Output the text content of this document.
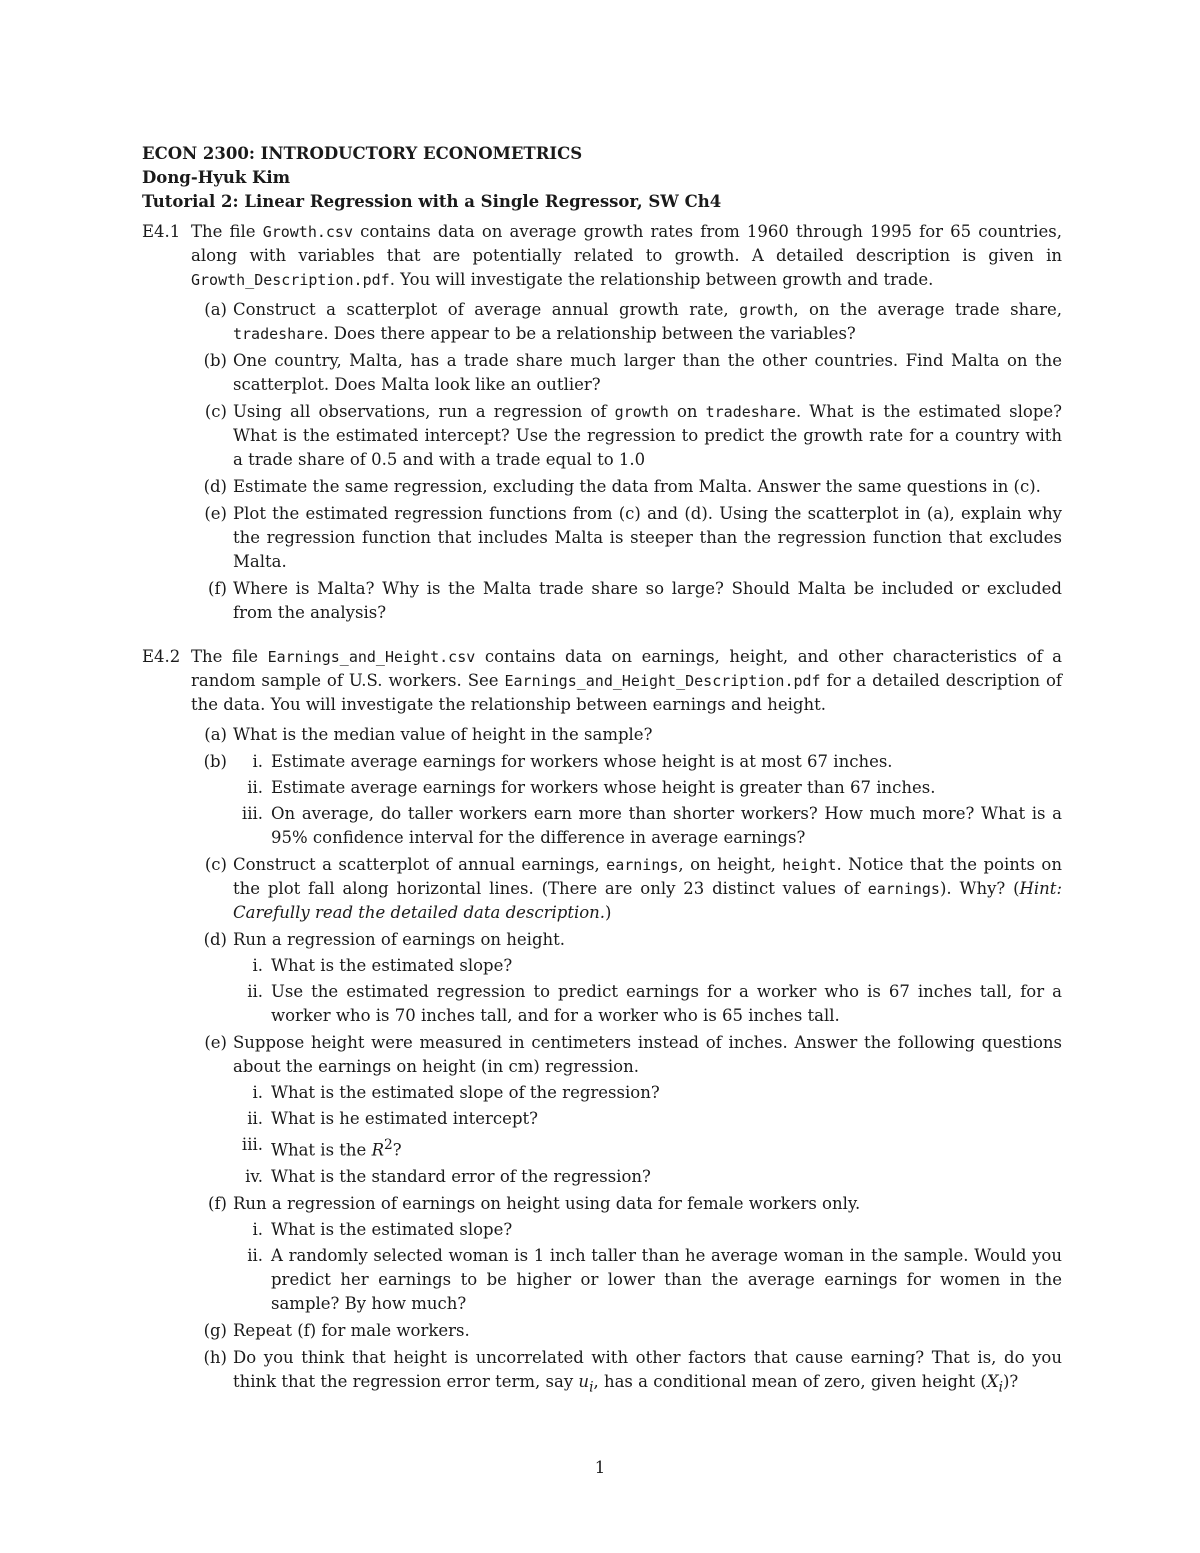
ECON 2300: INTRODUCTORY ECONOMETRICS

Dong-Hyuk Kim

Tutorial 2: Linear Regression with a Single Regressor, SW Ch4

E4.1 The file Growth.csv contains data on average growth rates from 1960 through 1995 for 65 countries, along with variables that are potentially related to growth. A detailed description is given in Growth_Description.pdf. You will investigate the relationship between growth and trade.
(a) Construct a scatterplot of average annual growth rate, growth, on the average trade share, tradeshare. Does there appear to be a relationship between the variables?
(b) One country, Malta, has a trade share much larger than the other countries. Find Malta on the scatterplot. Does Malta look like an outlier?
(c) Using all observations, run a regression of growth on tradeshare. What is the estimated slope? What is the estimated intercept? Use the regression to predict the growth rate for a country with a trade share of 0.5 and with a trade equal to 1.0
(d) Estimate the same regression, excluding the data from Malta. Answer the same questions in (c).
(e) Plot the estimated regression functions from (c) and (d). Using the scatterplot in (a), explain why the regression function that includes Malta is steeper than the regression function that excludes Malta.
(f) Where is Malta? Why is the Malta trade share so large? Should Malta be included or excluded from the analysis?
E4.2 The file Earnings_and_Height.csv contains data on earnings, height, and other characteristics of a random sample of U.S. workers. See Earnings_and_Height_Description.pdf for a detailed description of the data. You will investigate the relationship between earnings and height.
(a) What is the median value of height in the sample?
(b)	i. Estimate average earnings for workers whose height is at most 67 inches.
ii. Estimate average earnings for workers whose height is greater than 67 inches.
iii. On average, do taller workers earn more than shorter workers? How much more? What is a 95% confidence interval for the difference in average earnings?
(c) Construct a scatterplot of annual earnings, earnings, on height, height. Notice that the points on the plot fall along horizontal lines. (There are only 23 distinct values of earnings). Why? (Hint: Carefully read the detailed data description.)
(d) Run a regression of earnings on height.
i. What is the estimated slope?
ii. Use the estimated regression to predict earnings for a worker who is 67 inches tall, for a worker who is 70 inches tall, and for a worker who is 65 inches tall.
(e) Suppose height were measured in centimeters instead of inches. Answer the following questions about the earnings on height (in cm) regression.
i. What is the estimated slope of the regression?
ii. What is he estimated intercept?
iii. What is the $R^2$?
iv. What is the standard error of the regression?
(f) Run a regression of earnings on height using data for female workers only.
i. What is the estimated slope?
ii. A randomly selected woman is 1 inch taller than he average woman in the sample. Would you predict her earnings to be higher or lower than the average earnings for women in the sample? By how much?
(g) Repeat (f) for male workers.
(h) Do you think that height is uncorrelated with other factors that cause earning? That is, do you think that the regression error term, say $u_i$, has a conditional mean of zero, given height $(X_i)$?
1
